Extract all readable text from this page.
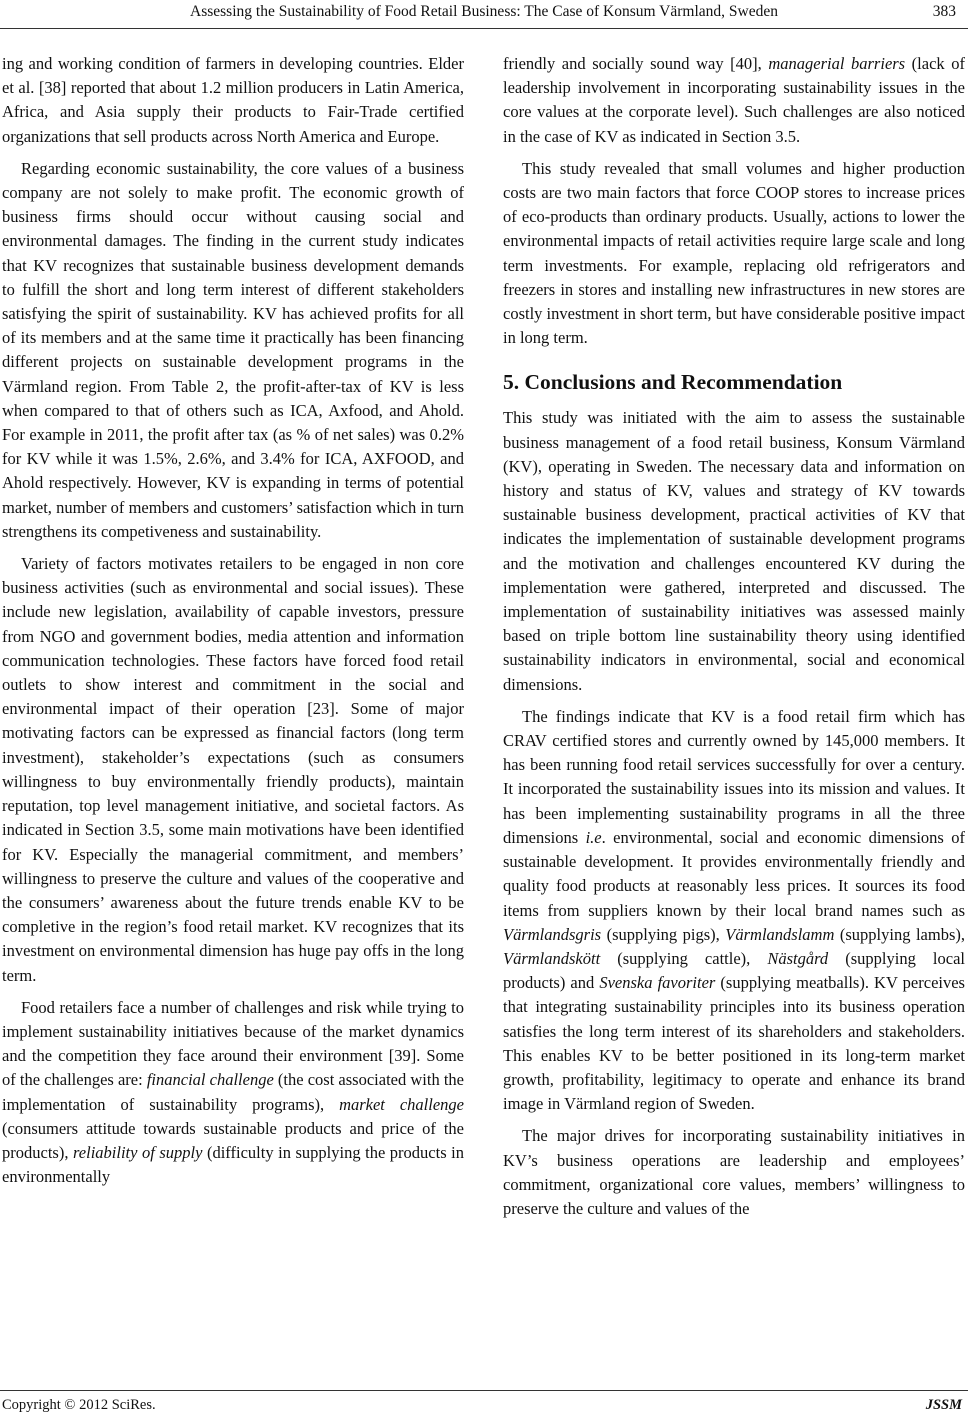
Assessing the Sustainability of Food Retail Business: The Case of Konsum Värmland, Sweden	383

ing and working condition of farmers in developing countries. Elder et al. [38] reported that about 1.2 million producers in Latin America, Africa, and Asia supply their products to Fair-Trade certified organizations that sell products across North America and Europe.

Regarding economic sustainability, the core values of a business company are not solely to make profit. The economic growth of business firms should occur without causing social and environmental damages. The finding in the current study indicates that KV recognizes that sustainable business development demands to fulfill the short and long term interest of different stakeholders satisfying the spirit of sustainability. KV has achieved profits for all of its members and at the same time it practically has been financing different projects on sustainable development programs in the Värmland region. From Table 2, the profit-after-tax of KV is less when compared to that of others such as ICA, Axfood, and Ahold. For example in 2011, the profit after tax (as % of net sales) was 0.2% for KV while it was 1.5%, 2.6%, and 3.4% for ICA, AXFOOD, and Ahold respectively. However, KV is expanding in terms of potential market, number of members and customers’ satisfaction which in turn strengthens its competiveness and sustainability.

Variety of factors motivates retailers to be engaged in non core business activities (such as environmental and social issues). These include new legislation, availability of capable investors, pressure from NGO and government bodies, media attention and information communication technologies. These factors have forced food retail outlets to show interest and commitment in the social and environmental impact of their operation [23]. Some of major motivating factors can be expressed as financial factors (long term investment), stakeholder’s expectations (such as consumers willingness to buy environmentally friendly products), maintain reputation, top level management initiative, and societal factors. As indicated in Section 3.5, some main motivations have been identified for KV. Especially the managerial commitment, and members’ willingness to preserve the culture and values of the cooperative and the consumers’ awareness about the future trends enable KV to be completive in the region’s food retail market. KV recognizes that its investment on environmental dimension has huge pay offs in the long term.

Food retailers face a number of challenges and risk while trying to implement sustainability initiatives because of the market dynamics and the competition they face around their environment [39]. Some of the challenges are: financial challenge (the cost associated with the implementation of sustainability programs), market challenge (consumers attitude towards sustainable products and price of the products), reliability of supply (difficulty in supplying the products in environmentally

friendly and socially sound way [40], managerial barriers (lack of leadership involvement in incorporating sustainability issues in the core values at the corporate level). Such challenges are also noticed in the case of KV as indicated in Section 3.5.

This study revealed that small volumes and higher production costs are two main factors that force COOP stores to increase prices of eco-products than ordinary products. Usually, actions to lower the environmental impacts of retail activities require large scale and long term investments. For example, replacing old refrigerators and freezers in stores and installing new infrastructures in new stores are costly investment in short term, but have considerable positive impact in long term.

5. Conclusions and Recommendation

This study was initiated with the aim to assess the sustainable business management of a food retail business, Konsum Värmland (KV), operating in Sweden. The necessary data and information on history and status of KV, values and strategy of KV towards sustainable business development, practical activities of KV that indicates the implementation of sustainable development programs and the motivation and challenges encountered KV during the implementation were gathered, interpreted and discussed. The implementation of sustainability initiatives was assessed mainly based on triple bottom line sustainability theory using identified sustainability indicators in environmental, social and economical dimensions.

The findings indicate that KV is a food retail firm which has CRAV certified stores and currently owned by 145,000 members. It has been running food retail services successfully for over a century. It incorporated the sustainability issues into its mission and values. It has been implementing sustainability programs in all the three dimensions i.e. environmental, social and economic dimensions of sustainable development. It provides environmentally friendly and quality food products at reasonably less prices. It sources its food items from suppliers known by their local brand names such as Värmlandsgris (supplying pigs), Värmlandslamm (supplying lambs), Värmlandskött (supplying cattle), Nästgård (supplying local products) and Svenska favoriter (supplying meatballs). KV perceives that integrating sustainability principles into its business operation satisfies the long term interest of its shareholders and stakeholders. This enables KV to be better positioned in its long-term market growth, profitability, legitimacy to operate and enhance its brand image in Värmland region of Sweden.

The major drives for incorporating sustainability initiatives in KV’s business operations are leadership and employees’ commitment, organizational core values, members’ willingness to preserve the culture and values of the

Copyright © 2012 SciRes.	JSSM
